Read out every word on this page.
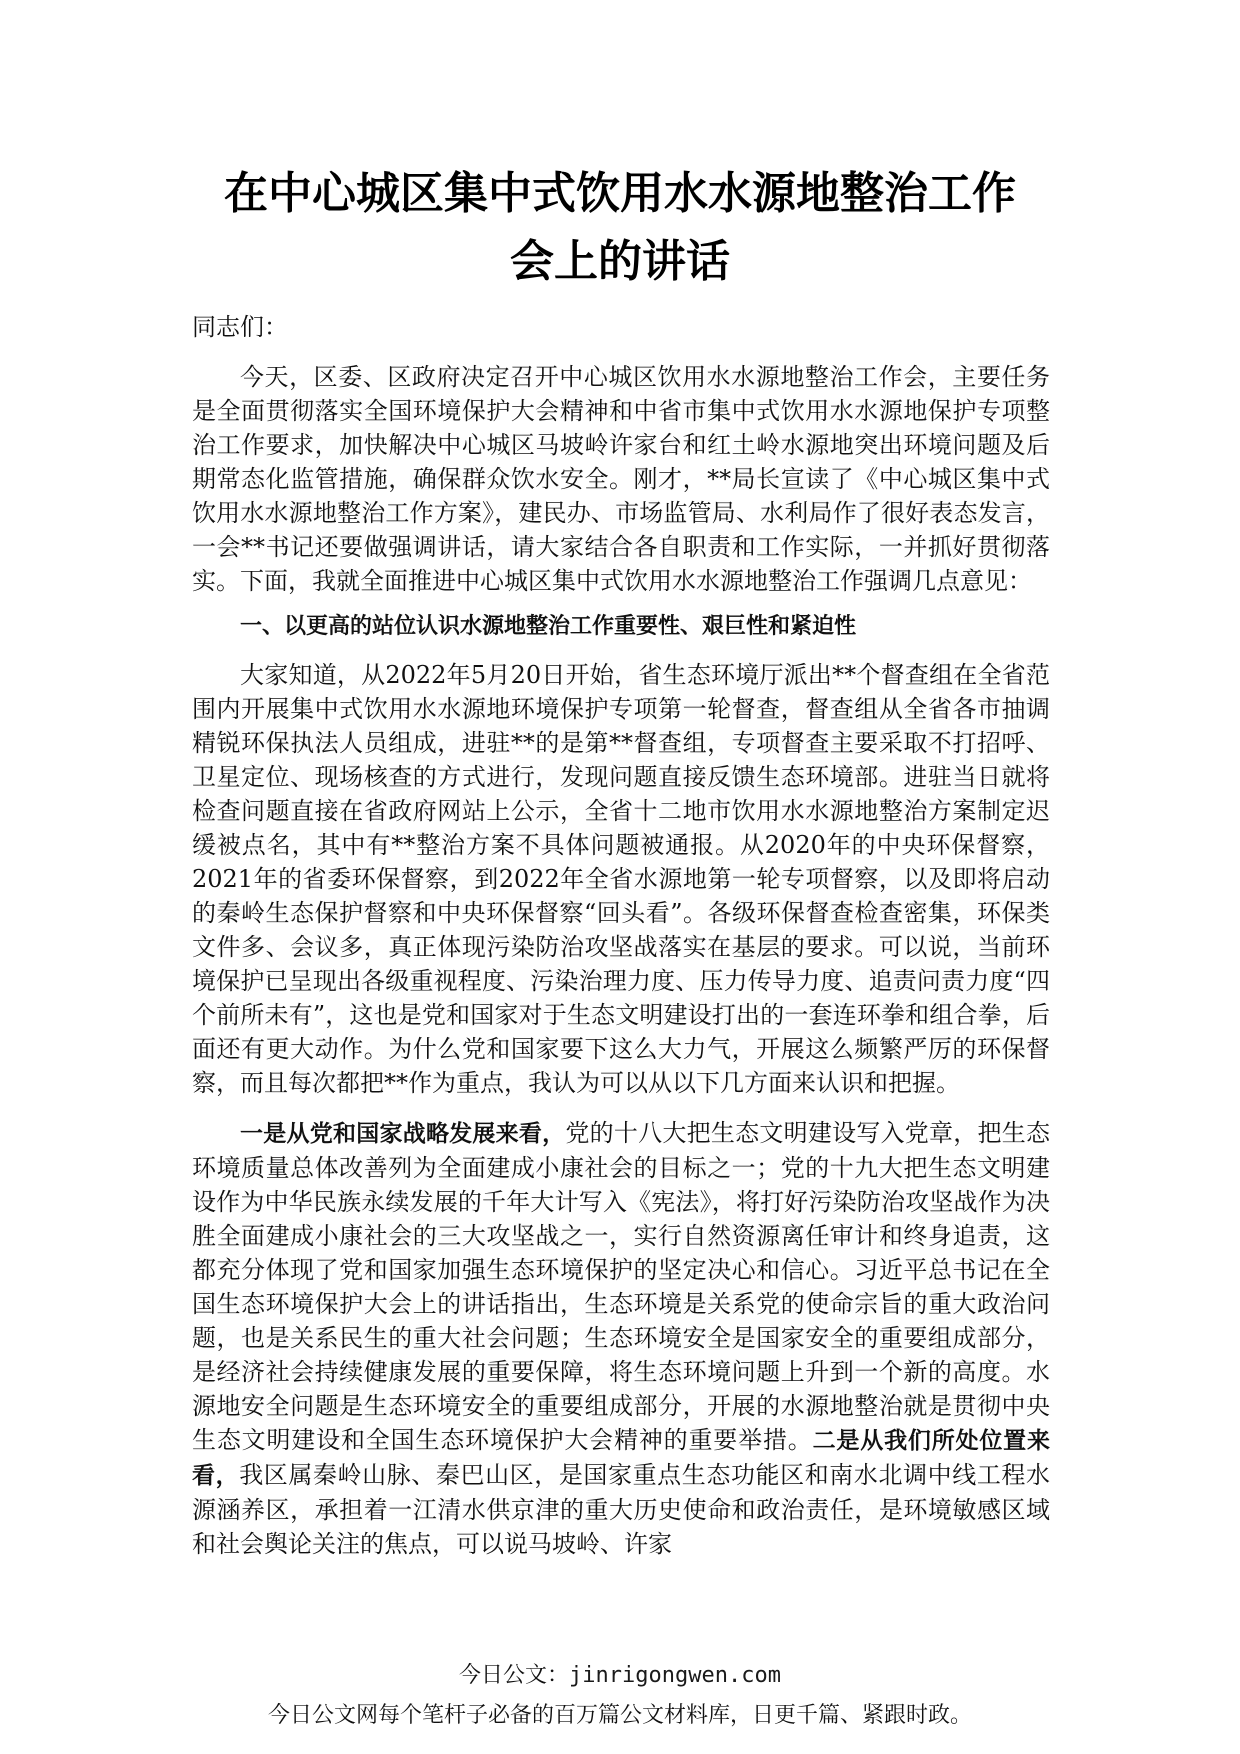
在中心城区集中式饮用水水源地整治工作
会上的讲话

同志们：

今天，区委、区政府决定召开中心城区饮用水水源地整治工作会，主要任务是全面贯彻落实全国环境保护大会精神和中省市集中式饮用水水源地保护专项整治工作要求，加快解决中心城区马坡岭许家台和红土岭水源地突出环境问题及后期常态化监管措施，确保群众饮水安全。刚才，**局长宣读了《中心城区集中式饮用水水源地整治工作方案》，建民办、市场监管局、水利局作了很好表态发言，一会**书记还要做强调讲话，请大家结合各自职责和工作实际，一并抓好贯彻落实。下面，我就全面推进中心城区集中式饮用水水源地整治工作强调几点意见：

一、以更高的站位认识水源地整治工作重要性、艰巨性和紧迫性

大家知道，从2022年5月20日开始，省生态环境厅派出**个督查组在全省范围内开展集中式饮用水水源地环境保护专项第一轮督查，督查组从全省各市抽调精锐环保执法人员组成，进驻**的是第**督查组，专项督查主要采取不打招呼、卫星定位、现场核查的方式进行，发现问题直接反馈生态环境部。进驻当日就将检查问题直接在省政府网站上公示，全省十二地市饮用水水源地整治方案制定迟缓被点名，其中有**整治方案不具体问题被通报。从2020年的中央环保督察，2021年的省委环保督察，到2022年全省水源地第一轮专项督察，以及即将启动的秦岭生态保护督察和中央环保督察“回头看”。各级环保督查检查密集，环保类文件多、会议多，真正体现污染防治攻坚战落实在基层的要求。可以说，当前环境保护已呈现出各级重视程度、污染治理力度、压力传导力度、追责问责力度“四个前所未有”，这也是党和国家对于生态文明建设打出的一套连环拳和组合拳，后面还有更大动作。为什么党和国家要下这么大力气，开展这么频繁严厉的环保督察，而且每次都把**作为重点，我认为可以从以下几方面来认识和把握。

一是从党和国家战略发展来看，党的十八大把生态文明建设写入党章，把生态环境质量总体改善列为全面建成小康社会的目标之一；党的十九大把生态文明建设作为中华民族永续发展的千年大计写入《宪法》，将打好污染防治攻坚战作为决胜全面建成小康社会的三大攻坚战之一，实行自然资源离任审计和终身追责，这都充分体现了党和国家加强生态环境保护的坚定决心和信心。习近平总书记在全国生态环境保护大会上的讲话指出，生态环境是关系党的使命宗旨的重大政治问题，也是关系民生的重大社会问题；生态环境安全是国家安全的重要组成部分，是经济社会持续健康发展的重要保障，将生态环境问题上升到一个新的高度。水源地安全问题是生态环境安全的重要组成部分，开展的水源地整治就是贯彻中央生态文明建设和全国生态环境保护大会精神的重要举措。二是从我们所处位置来看，我区属秦岭山脉、秦巴山区，是国家重点生态功能区和南水北调中线工程水源涵养区，承担着一江清水供京津的重大历史使命和政治责任，是环境敏感区域和社会舆论关注的焦点，可以说马坡岭、许家

今日公文：jinrigongwen.com
今日公文网每个笔杆子必备的百万篇公文材料库，日更千篇、紧跟时政。
